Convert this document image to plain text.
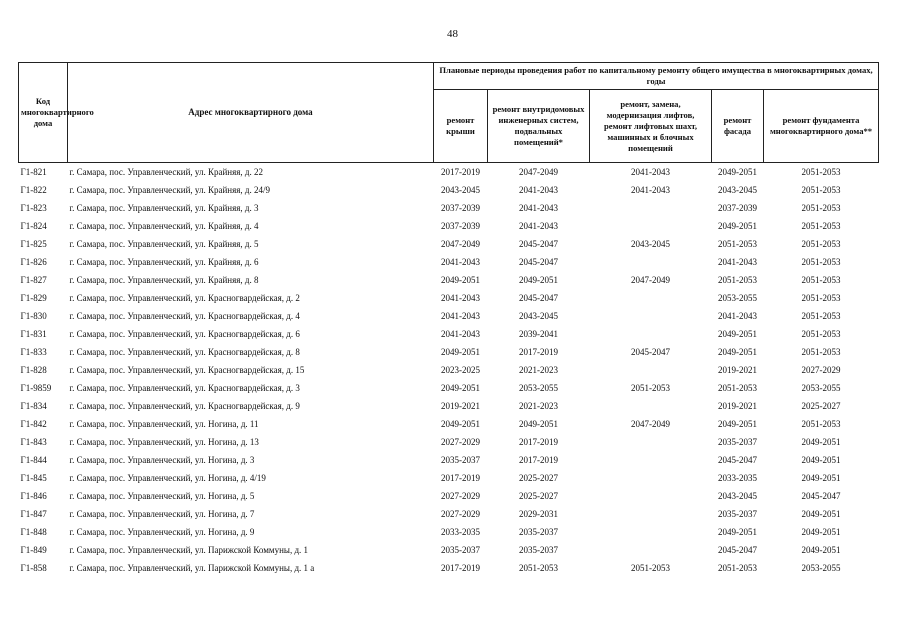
48
Код многоквартирного дома	Адрес многоквартирного дома	Плановые периоды проведения работ по капитальному ремонту общего имущества в многоквартирных домах, годы				
		ремонт крыши	ремонт внутридомовых инженерных систем, подвальных помещений*	ремонт, замена, модернизация лифтов, ремонт лифтовых шахт, машинных и блочных помещений	ремонт фасада	ремонт фундамента многоквартирного дома**
Г1-821	г. Самара, пос. Управленческий, ул. Крайняя, д. 22	2017-2019	2047-2049	2041-2043	2049-2051	2051-2053
Г1-822	г. Самара, пос. Управленческий, ул. Крайняя, д. 24/9	2043-2045	2041-2043	2041-2043	2043-2045	2051-2053
Г1-823	г. Самара, пос. Управленческий, ул. Крайняя, д. 3	2037-2039	2041-2043		2037-2039	2051-2053
Г1-824	г. Самара, пос. Управленческий, ул. Крайняя, д. 4	2037-2039	2041-2043		2049-2051	2051-2053
Г1-825	г. Самара, пос. Управленческий, ул. Крайняя, д. 5	2047-2049	2045-2047	2043-2045	2051-2053	2051-2053
Г1-826	г. Самара, пос. Управленческий, ул. Крайняя, д. 6	2041-2043	2045-2047		2041-2043	2051-2053
Г1-827	г. Самара, пос. Управленческий, ул. Крайняя, д. 8	2049-2051	2049-2051	2047-2049	2051-2053	2051-2053
Г1-829	г. Самара, пос. Управленческий, ул. Красногвардейская, д. 2	2041-2043	2045-2047		2053-2055	2051-2053
Г1-830	г. Самара, пос. Управленческий, ул. Красногвардейская, д. 4	2041-2043	2043-2045		2041-2043	2051-2053
Г1-831	г. Самара, пос. Управленческий, ул. Красногвардейская, д. 6	2041-2043	2039-2041		2049-2051	2051-2053
Г1-833	г. Самара, пос. Управленческий, ул. Красногвардейская, д. 8	2049-2051	2017-2019	2045-2047	2049-2051	2051-2053
Г1-828	г. Самара, пос. Управленческий, ул. Красногвардейская, д. 15	2023-2025	2021-2023		2019-2021	2027-2029
Г1-9859	г. Самара, пос. Управленческий, ул. Красногвардейская, д. 3	2049-2051	2053-2055	2051-2053	2051-2053	2053-2055
Г1-834	г. Самара, пос. Управленческий, ул. Красногвардейская, д. 9	2019-2021	2021-2023		2019-2021	2025-2027
Г1-842	г. Самара, пос. Управленческий, ул. Ногина, д. 11	2049-2051	2049-2051	2047-2049	2049-2051	2051-2053
Г1-843	г. Самара, пос. Управленческий, ул. Ногина, д. 13	2027-2029	2017-2019		2035-2037	2049-2051
Г1-844	г. Самара, пос. Управленческий, ул. Ногина, д. 3	2035-2037	2017-2019		2045-2047	2049-2051
Г1-845	г. Самара, пос. Управленческий, ул. Ногина, д. 4/19	2017-2019	2025-2027		2033-2035	2049-2051
Г1-846	г. Самара, пос. Управленческий, ул. Ногина, д. 5	2027-2029	2025-2027		2043-2045	2045-2047
Г1-847	г. Самара, пос. Управленческий, ул. Ногина, д. 7	2027-2029	2029-2031		2035-2037	2049-2051
Г1-848	г. Самара, пос. Управленческий, ул. Ногина, д. 9	2033-2035	2035-2037		2049-2051	2049-2051
Г1-849	г. Самара, пос. Управленческий, ул. Парижской Коммуны, д. 1	2035-2037	2035-2037		2045-2047	2049-2051
Г1-858	г. Самара, пос. Управленческий, ул. Парижской Коммуны, д. 1 а	2017-2019	2051-2053	2051-2053	2051-2053	2053-2055
